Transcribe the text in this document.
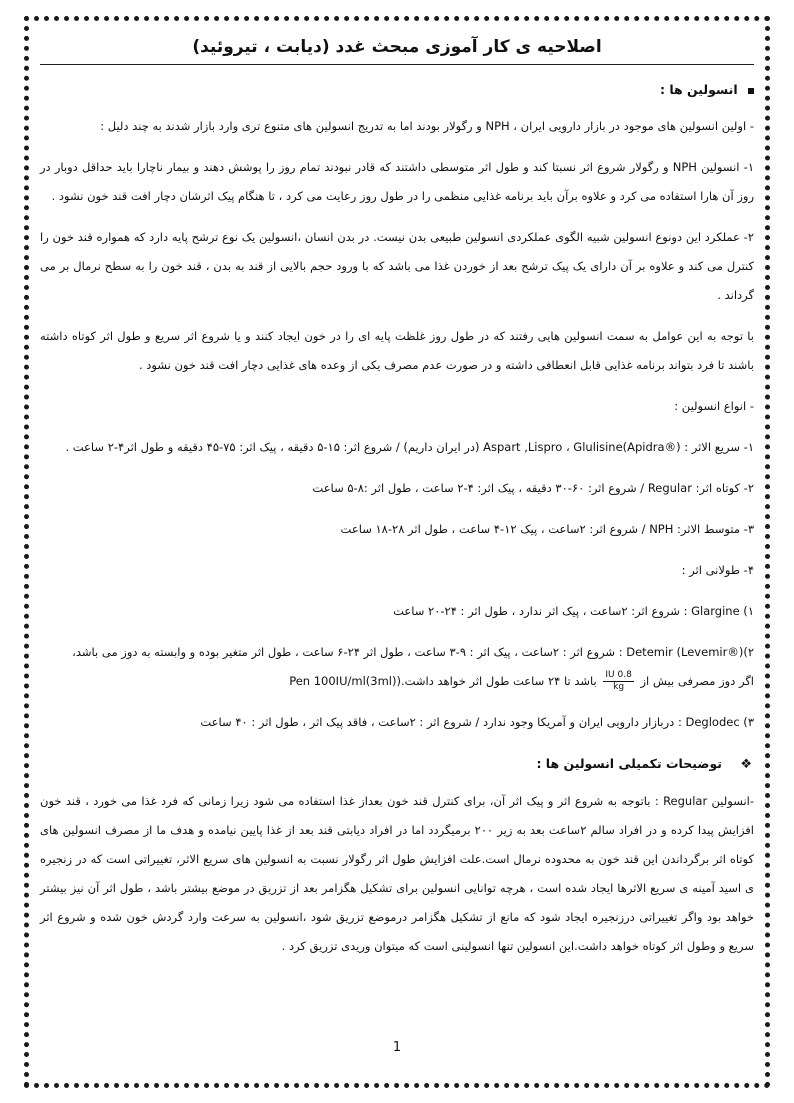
اصلاحیه ی کار آموزی مبحث غدد (دیابت ، تیروئید)
انسولین ها :

- اولین انسولین های موجود در بازار دارویی ایران ، NPH و رگولار بودند اما به تدریج انسولین های متنوع تری وارد بازار شدند به چند دلیل :

۱- انسولین NPH و رگولار شروع اثر نسبتا کند و طول اثر متوسطی داشتند که قادر نبودند تمام روز را پوشش دهند و بیمار ناچارا باید حداقل دوبار در روز آن هارا استفاده می کرد و علاوه برآن باید برنامه غذایی منظمی را در طول روز رعایت می کرد ، تا هنگام پیک اثرشان دچار افت قند خون نشود .

۲- عملکرد این دونوع انسولین شبیه الگوی عملکردی انسولین طبیعی بدن نیست. در بدن انسان ،انسولین یک نوع ترشح پایه دارد که همواره قند خون را کنترل می کند و علاوه بر آن دارای یک پیک ترشح بعد از خوردن غذا می باشد که با ورود حجم بالایی از قند به بدن ، قند خون را به سطح نرمال بر می گرداند .

با توجه به این عوامل به سمت انسولین هایی رفتند که در طول روز غلظت پایه ای را در خون ایجاد کنند و یا شروع اثر سریع و طول اثر کوتاه داشته باشند تا فرد بتواند برنامه غذایی قابل انعطافی داشته و در صورت عدم مصرف یکی از وعده های غذایی دچار افت قند خون نشود .

- انواع انسولین :

۱- سریع الاثر : Aspart ,Lispro ، Glulisine(Apidra®) (در ایران داریم) / شروع اثر: ۱۵-۵ دقیقه ، پیک اثر: ۷۵-۴۵ دقیقه و طول اثر۴-۲ ساعت .

۲- کوتاه اثر: Regular / شروع اثر: ۶۰-۳۰ دقیقه ، پیک اثر: ۴-۲ ساعت ، طول اثر :۸-۵ ساعت

۳- متوسط الاثر: NPH / شروع اثر: ۲ساعت ، پیک ۱۲-۴ ساعت ، طول اثر ۲۸-۱۸ ساعت

۴- طولانی اثر :

۱) Glargine : شروع اثر: ۲ساعت ، پیک اثر ندارد ، طول اثر : ۲۴-۲۰ ساعت

۲)Detemir (Levemir®) : شروع اثر : ۲ساعت ، پیک اثر : ۹-۳ ساعت ، طول اثر ۲۴-۶ ساعت ، طول اثر متغیر بوده و وابسته به دوز می باشد،

اگر دوز مصرفی بیش از
$\frac{0.8 IU}{kg}$
باشد تا ۲۴ ساعت طول اثر خواهد داشت.(Pen 100IU/ml(3ml)

۳) Deglodec : دربازار دارویی ایران و آمریکا وجود ندارد / شروع اثر : ۲ساعت ، فاقد پیک اثر ، طول اثر : ۴۰ ساعت

❖ توضیحات تکمیلی انسولین ها :

-انسولین Regular : باتوجه به شروع اثر و پیک اثر آن، برای کنترل قند خون بعداز غذا استفاده می شود زیرا زمانی که فرد غذا می خورد ، قند خون افزایش پیدا کرده و در افراد سالم ۲ساعت بعد به زیر ۲۰۰ برمیگردد اما در افراد دیابتی قند بعد از غذا پایین نیامده و هدف ما از مصرف انسولین های کوتاه اثر برگرداندن این قند خون به محدوده نرمال است.علت افزایش طول اثر رگولار نسبت به انسولین های سریع الاثر، تغییراتی است که در زنجیره ی اسید آمینه ی سریع الاثرها ایجاد شده است ، هرچه توانایی انسولین برای تشکیل هگزامر بعد از تزریق در موضع بیشتر باشد ، طول اثر آن نیز بیشتر خواهد بود واگر تغییراتی درزنجیره ایجاد شود که مانع از تشکیل هگزامر درموضع تزریق شود ،انسولین به سرعت وارد گردش خون شده و شروع اثر سریع و وطول اثر کوتاه خواهد داشت.این انسولین تنها انسولینی است که میتوان وریدی تزریق کرد .

1
